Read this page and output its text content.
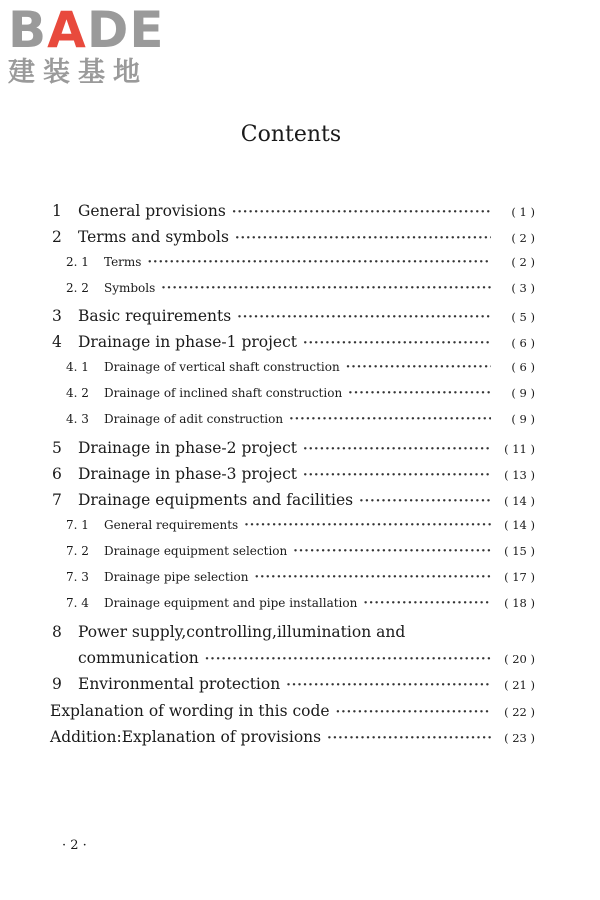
BADE
建装基地
Contents
1	General provisions ·····	( 1 )
2	Terms and symbols ·····	( 2 )
2. 1	Terms ·····	( 2 )
2. 2	Symbols ·····	( 3 )
3	Basic requirements ·····	( 5 )
4	Drainage in phase-1 project ·····	( 6 )
4. 1	Drainage of vertical shaft construction ·····	( 6 )
4. 2	Drainage of inclined shaft construction ·····	( 9 )
4. 3	Drainage of adit construction ·····	( 9 )
5	Drainage in phase-2 project ·····	( 11 )
6	Drainage in phase-3 project ·····	( 13 )
7	Drainage equipments and facilities ·····	( 14 )
7. 1	General requirements ·····	( 14 )
7. 2	Drainage equipment selection ·····	( 15 )
7. 3	Drainage pipe selection ·····	( 17 )
7. 4	Drainage equipment and pipe installation ·····	( 18 )
8	Power supply,controlling,illumination and
communication ·····	( 20 )
9	Environmental protection ·····	( 21 )
Explanation of wording in this code ·····	( 22 )
Addition:Explanation of provisions ·····	( 23 )
· 2 ·
